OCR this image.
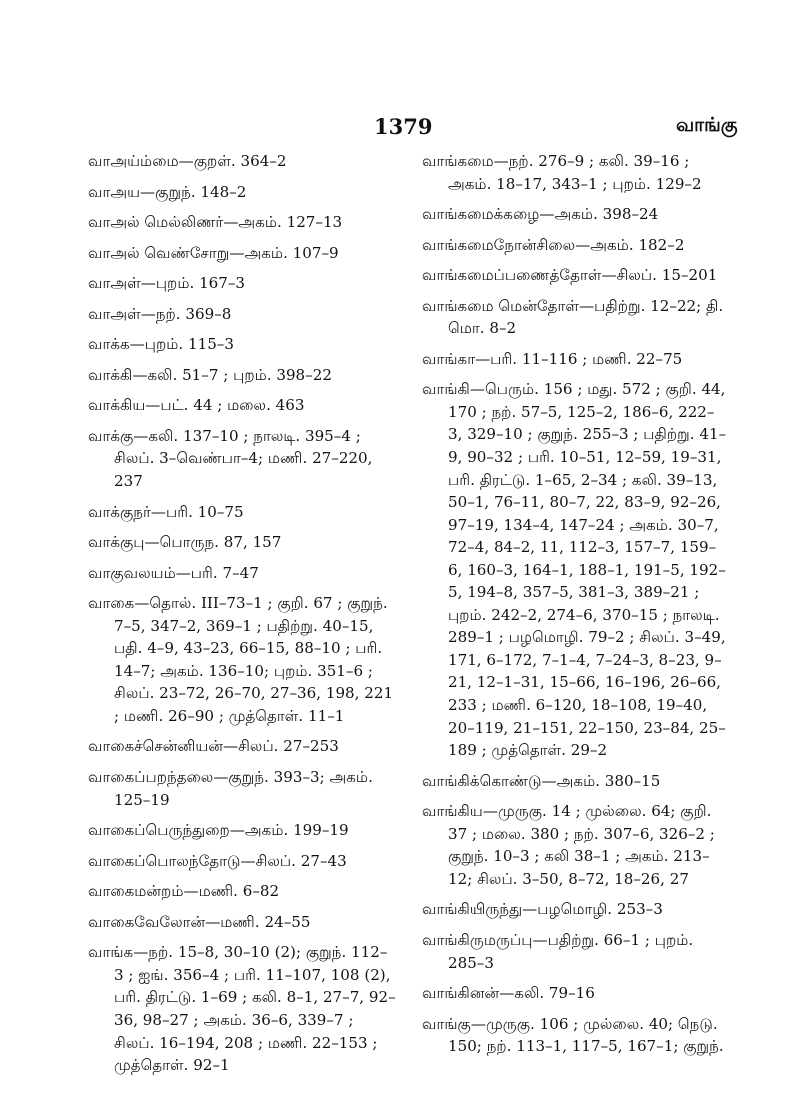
1379	வாங்கு

வாஅய்ம்மை—குறள். 364–2

வாஅய—குறுந். 148–2

வாஅல் மெல்லிணர்—அகம். 127–13

வாஅல் வெண்சோறு—அகம். 107–9

வாஅள்—புறம். 167–3

வாஅள்—நற். 369–8

வாக்க—புறம். 115–3

வாக்கி—கலி. 51–7 ; புறம். 398–22

வாக்கிய—பட். 44 ; மலை. 463

வாக்கு—கலி. 137–10 ; நாலடி. 395–4 ; சிலப். 3–வெண்பா–4; மணி. 27–220, 237

வாக்குநர்—பரி. 10–75

வாக்குபு—பொருந. 87, 157

வாகுவலயம்—பரி. 7–47

வாகை—தொல். III–73–1 ; குறி. 67 ; குறுந். 7–5, 347–2, 369–1 ; பதிற்று. 40–15, பதி. 4–9, 43–23, 66–15, 88–10 ; பரி. 14–7; அகம். 136–10; புறம். 351–6 ; சிலப். 23–72, 26–70, 27–36, 198, 221 ; மணி. 26–90 ; முத்தொள். 11–1

வாகைச்சென்னியன்—சிலப். 27–253

வாகைப்பறந்தலை—குறுந். 393–3; அகம். 125–19

வாகைப்பெருந்துறை—அகம். 199–19

வாகைப்பொலந்தோடு—சிலப். 27–43

வாகைமன்றம்—மணி. 6–82

வாகைவேலோன்—மணி. 24–55

வாங்க—நற். 15–8, 30–10 (2); குறுந். 112–3 ; ஐங். 356–4 ; பரி. 11–107, 108 (2), பரி. திரட்டு. 1–69 ; கலி. 8–1, 27–7, 92–36, 98–27 ; அகம். 36–6, 339–7 ; சிலப். 16–194, 208 ; மணி. 22–153 ; முத்தொள். 92–1

வாங்கமை—நற். 276–9 ; கலி. 39–16 ; அகம். 18–17, 343–1 ; புறம். 129–2

வாங்கமைக்கழை—அகம். 398–24

வாங்கமைநோன்சிலை—அகம். 182–2

வாங்கமைப்பணைத்தோள்—சிலப். 15–201

வாங்கமை மென்தோள்—பதிற்று. 12–22; தி. மொ. 8–2

வாங்கா—பரி. 11–116 ; மணி. 22–75

வாங்கி—பெரும். 156 ; மது. 572 ; குறி. 44, 170 ; நற். 57–5, 125–2, 186–6, 222–3, 329–10 ; குறுந். 255–3 ; பதிற்று. 41–9, 90–32 ; பரி. 10–51, 12–59, 19–31, பரி. திரட்டு. 1–65, 2–34 ; கலி. 39–13, 50–1, 76–11, 80–7, 22, 83–9, 92–26, 97–19, 134–4, 147–24 ; அகம். 30–7, 72–4, 84–2, 11, 112–3, 157–7, 159–6, 160–3, 164–1, 188–1, 191–5, 192–5, 194–8, 357–5, 381–3, 389–21 ; புறம். 242–2, 274–6, 370–15 ; நாலடி. 289–1 ; பழமொழி. 79–2 ; சிலப். 3–49, 171, 6–172, 7–1–4, 7–24–3, 8–23, 9–21, 12–1–31, 15–66, 16–196, 26–66, 233 ; மணி. 6–120, 18–108, 19–40, 20–119, 21–151, 22–150, 23–84, 25–189 ; முத்தொள். 29–2

வாங்கிக்கொண்டு—அகம். 380–15

வாங்கிய—முருகு. 14 ; முல்லை. 64; குறி. 37 ; மலை. 380 ; நற். 307–6, 326–2 ; குறுந். 10–3 ; கலி 38–1 ; அகம். 213–12; சிலப். 3–50, 8–72, 18–26, 27

வாங்கியிருந்து—பழமொழி. 253–3

வாங்கிருமருப்பு—பதிற்று. 66–1 ; புறம். 285–3

வாங்கினன்—கலி. 79–16

வாங்கு—முருகு. 106 ; முல்லை. 40; நெடு. 150; நற். 113–1, 117–5, 167–1; குறுந்.
